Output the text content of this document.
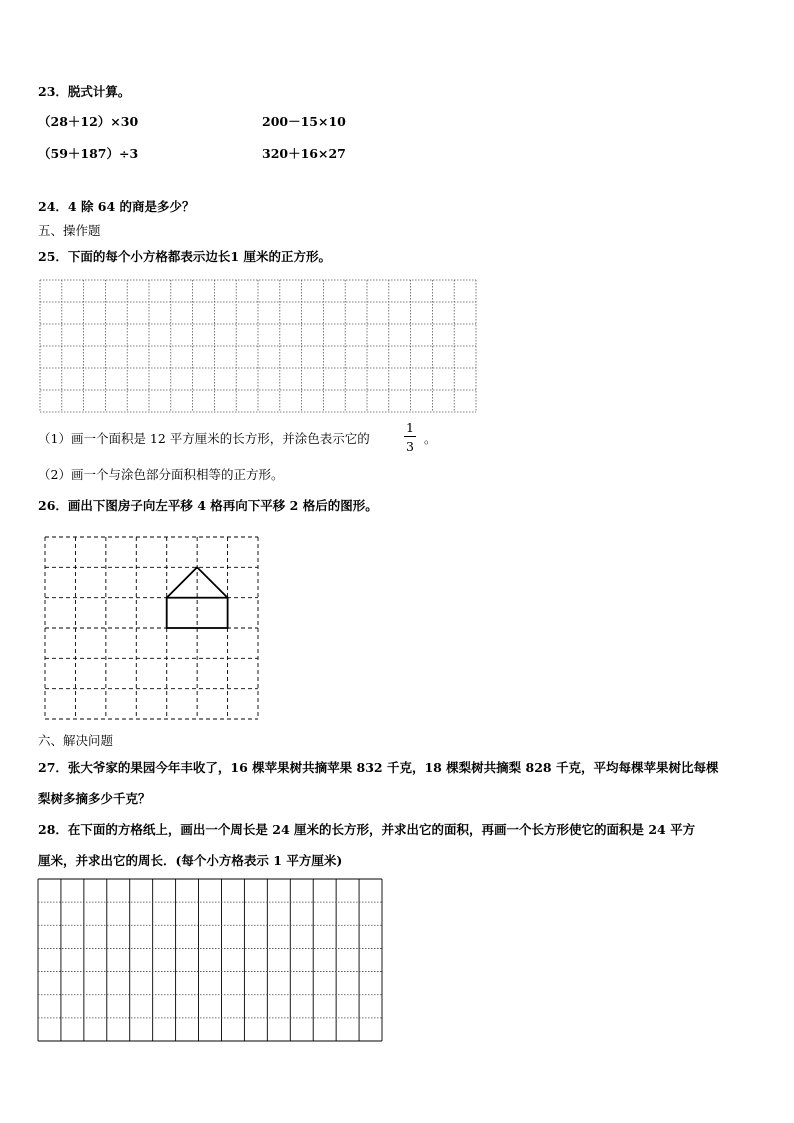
23．脱式计算。
（28＋12）×30	200－15×10
（59＋187）÷3	320＋16×27
24．4 除 64 的商是多少？
五、操作题
25．下面的每个小方格都表示边长1 厘米的正方形。
（1）画一个面积是 12 平方厘米的长方形，并涂色表示它的
1
3
。
（2）画一个与涂色部分面积相等的正方形。
26．画出下图房子向左平移 4 格再向下平移 2 格后的图形。
六、解决问题
27．张大爷家的果园今年丰收了，16 棵苹果树共摘苹果 832 千克，18 棵梨树共摘梨 828 千克，平均每棵苹果树比每棵
梨树多摘多少千克？
28．在下面的方格纸上，画出一个周长是 24 厘米的长方形，并求出它的面积，再画一个长方形使它的面积是 24 平方
厘米，并求出它的周长．(每个小方格表示 1 平方厘米)
